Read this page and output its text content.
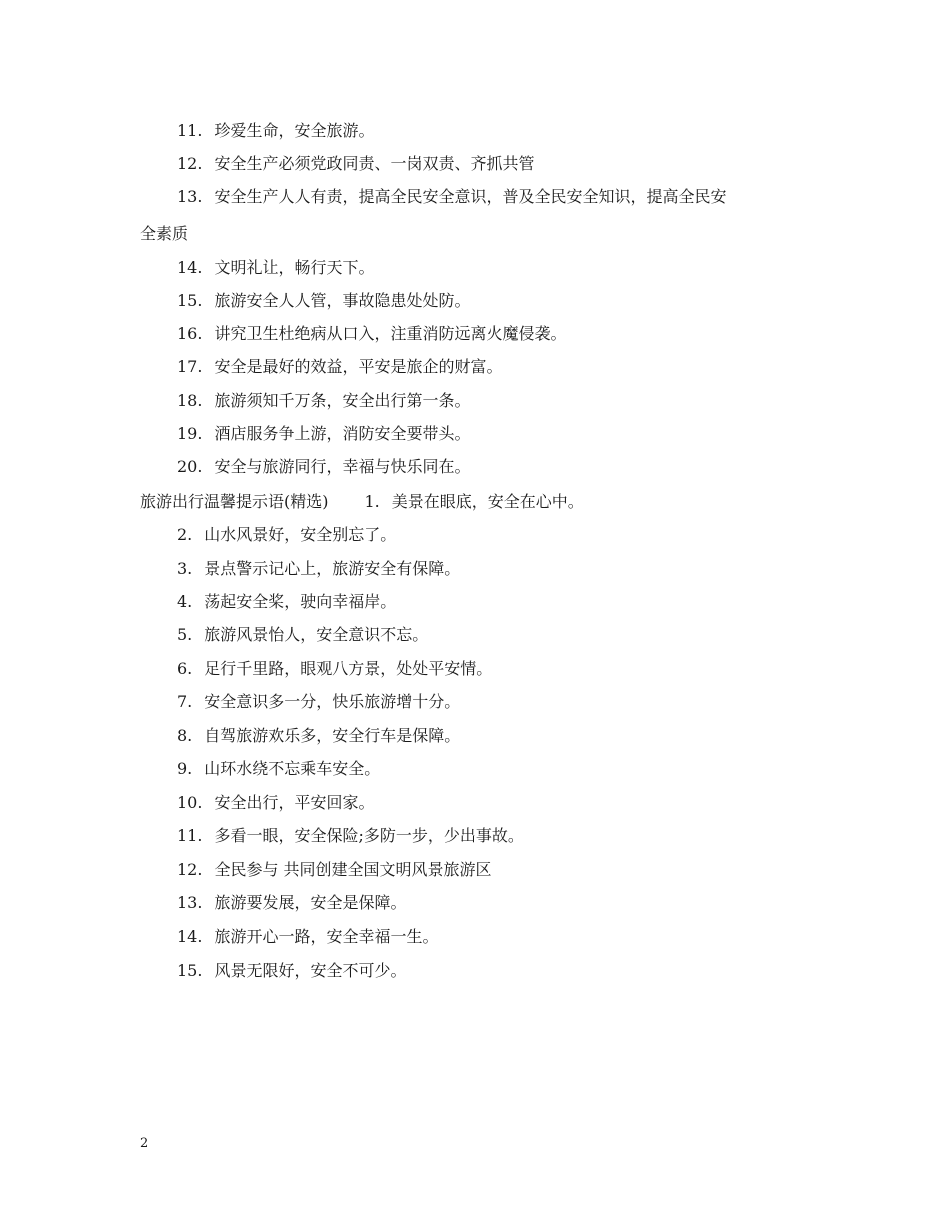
11. 珍爱生命，安全旅游。
12. 安全生产必须党政同责、一岗双责、齐抓共管
13. 安全生产人人有责，提高全民安全意识，普及全民安全知识，提高全民安
全素质
14. 文明礼让，畅行天下。
15. 旅游安全人人管，事故隐患处处防。
16. 讲究卫生杜绝病从口入，注重消防远离火魔侵袭。
17. 安全是最好的效益，平安是旅企的财富。
18. 旅游须知千万条，安全出行第一条。
19. 酒店服务争上游，消防安全要带头。
20. 安全与旅游同行，幸福与快乐同在。
旅游出行温馨提示语(精选) 1. 美景在眼底，安全在心中。
2. 山水风景好，安全别忘了。
3. 景点警示记心上，旅游安全有保障。
4. 荡起安全桨，驶向幸福岸。
5. 旅游风景怡人，安全意识不忘。
6. 足行千里路，眼观八方景，处处平安情。
7. 安全意识多一分，快乐旅游增十分。
8. 自驾旅游欢乐多，安全行车是保障。
9. 山环水绕不忘乘车安全。
10. 安全出行，平安回家。
11. 多看一眼，安全保险;多防一步，少出事故。
12. 全民参与 共同创建全国文明风景旅游区
13. 旅游要发展，安全是保障。
14. 旅游开心一路，安全幸福一生。
15. 风景无限好，安全不可少。
2
